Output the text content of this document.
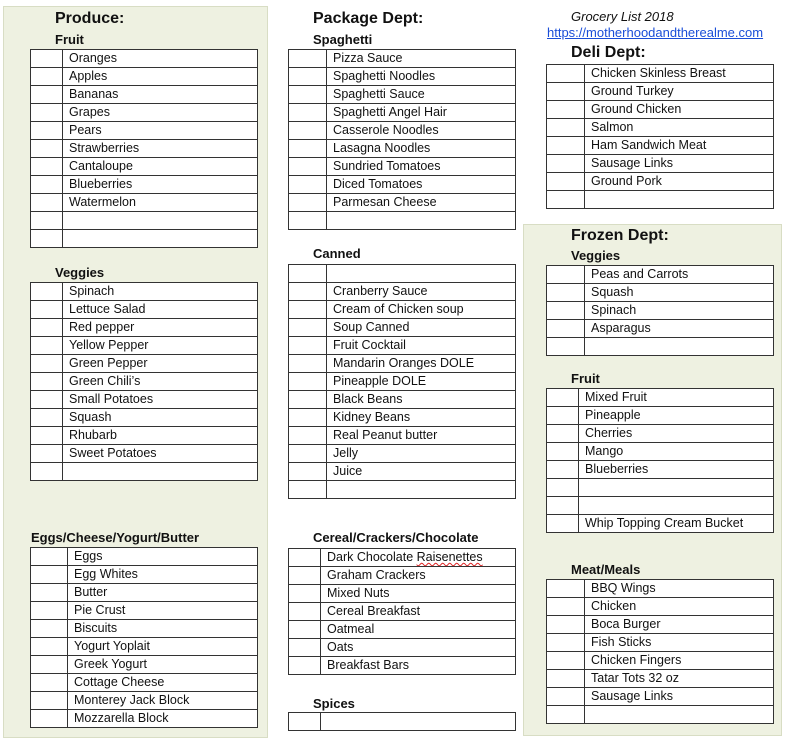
Produce:
Fruit
	Oranges
	Apples
	Bananas
	Grapes
	Pears
	Strawberries
	Cantaloupe
	Blueberries
	Watermelon

Veggies
	Spinach
	Lettuce Salad
	Red pepper
	Yellow Pepper
	Green Pepper
	Green Chili’s
	Small Potatoes
	Squash
	Rhubarb
	Sweet Potatoes

Eggs/Cheese/Yogurt/Butter
	Eggs
	Egg Whites
	Butter
	Pie Crust
	Biscuits
	Yogurt Yoplait
	Greek Yogurt
	Cottage Cheese
	Monterey Jack Block
	Mozzarella Block
Package Dept:
Spaghetti
	Pizza Sauce
	Spaghetti Noodles
	Spaghetti Sauce
	Spaghetti Angel Hair
	Casserole Noodles
	Lasagna Noodles
	Sundried Tomatoes
	Diced Tomatoes
	Parmesan Cheese

Canned

	Cranberry Sauce
	Cream of Chicken soup
	Soup Canned
	Fruit Cocktail
	Mandarin Oranges DOLE
	Pineapple DOLE
	Black Beans
	Kidney Beans
	Real Peanut butter
	Jelly
	Juice

Cereal/Crackers/Chocolate
	Dark Chocolate Raisenettes
	Graham Crackers
	Mixed Nuts
	Cereal Breakfast
	Oatmeal
	Oats
	Breakfast Bars
Spices

Grocery List 2018
https://motherhoodandtherealme.com
Deli Dept:
	Chicken Skinless Breast
	Ground Turkey
	Ground Chicken
	Salmon
	Ham Sandwich Meat
	Sausage Links
	Ground Pork

Frozen Dept:
Veggies
	Peas and Carrots
	Squash
	Spinach
	Asparagus

Fruit
	Mixed Fruit
	Pineapple
	Cherries
	Mango
	Blueberries

	Whip Topping Cream Bucket
Meat/Meals
	BBQ Wings
	Chicken
	Boca Burger
	Fish Sticks
	Chicken Fingers
	Tatar Tots 32 oz
	Sausage Links
